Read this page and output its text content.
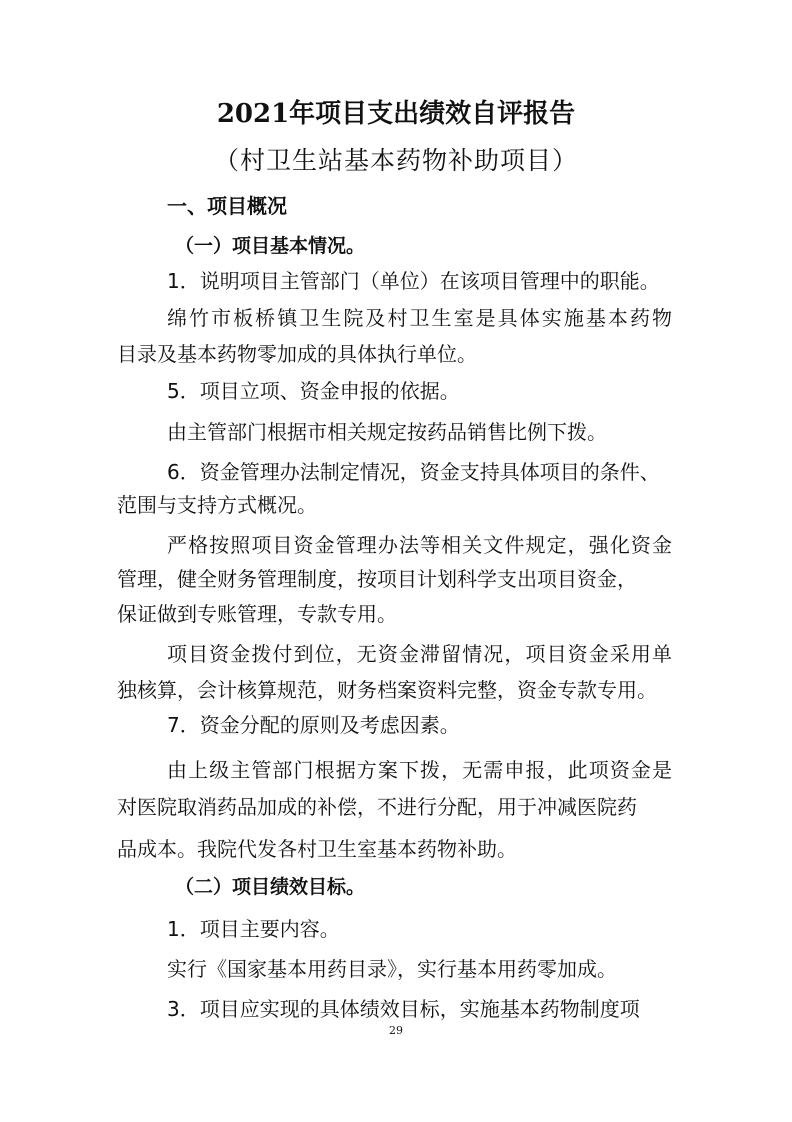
2021年项目支出绩效自评报告
（村卫生站基本药物补助项目）
一、项目概况
（一）项目基本情况。
1．说明项目主管部门（单位）在该项目管理中的职能。
绵竹市板桥镇卫生院及村卫生室是具体实施基本药物
目录及基本药物零加成的具体执行单位。
5．项目立项、资金申报的依据。
由主管部门根据市相关规定按药品销售比例下拨。
6．资金管理办法制定情况，资金支持具体项目的条件、
范围与支持方式概况。
严格按照项目资金管理办法等相关文件规定，强化资金
管理，健全财务管理制度，按项目计划科学支出项目资金，
保证做到专账管理，专款专用。
项目资金拨付到位，无资金滞留情况，项目资金采用单
独核算，会计核算规范，财务档案资料完整，资金专款专用。
7．资金分配的原则及考虑因素。
由上级主管部门根据方案下拨，无需申报，此项资金是
对医院取消药品加成的补偿，不进行分配，用于冲减医院药
品成本。我院代发各村卫生室基本药物补助。
（二）项目绩效目标。
1．项目主要内容。
实行《国家基本用药目录》，实行基本用药零加成。
3．项目应实现的具体绩效目标，实施基本药物制度项
29
